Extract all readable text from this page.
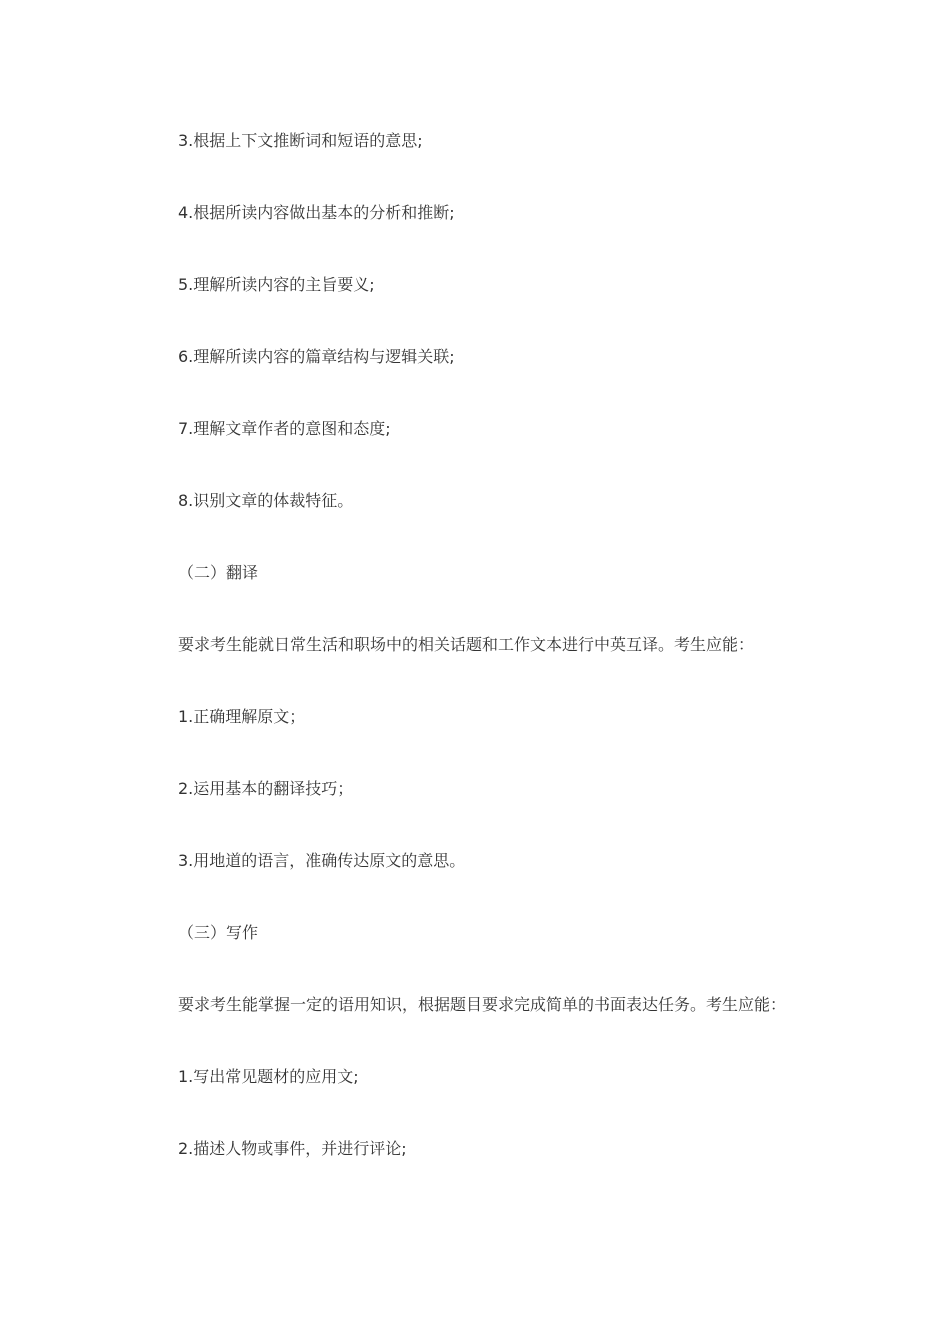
3.根据上下文推断词和短语的意思;

4.根据所读内容做出基本的分析和推断;

5.理解所读内容的主旨要义;

6.理解所读内容的篇章结构与逻辑关联;

7.理解文章作者的意图和态度;

8.识别文章的体裁特征。

（二）翻译

要求考生能就日常生活和职场中的相关话题和工作文本进行中英互译。考生应能：

1.正确理解原文；

2.运用基本的翻译技巧；

3.用地道的语言，准确传达原文的意思。

（三）写作

要求考生能掌握一定的语用知识，根据题目要求完成简单的书面表达任务。考生应能：

1.写出常见题材的应用文;

2.描述人物或事件，并进行评论;
